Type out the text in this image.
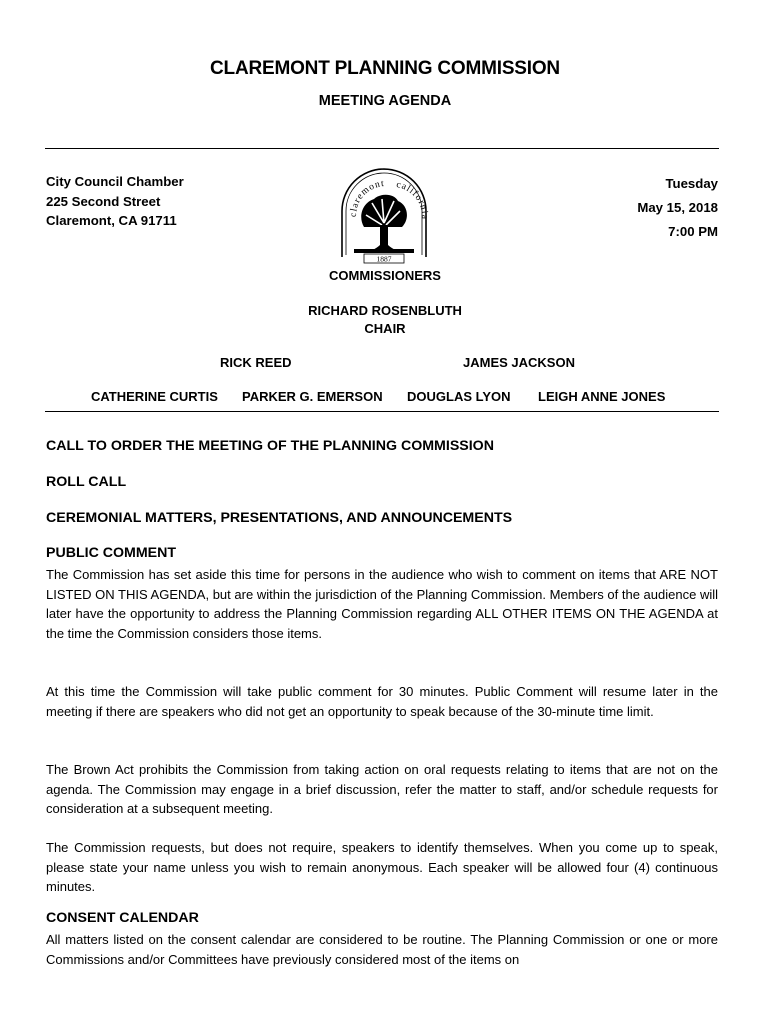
CLAREMONT PLANNING COMMISSION
MEETING AGENDA
City Council Chamber
225 Second Street
Claremont, CA 91711
Tuesday
May 15, 2018
7:00 PM
claremont california
1887
COMMISSIONERS
RICHARD ROSENBLUTH
CHAIR
RICK REED	JAMES JACKSON
CATHERINE CURTIS PARKER G. EMERSON DOUGLAS LYON LEIGH ANNE JONES
CALL TO ORDER THE MEETING OF THE PLANNING COMMISSION
ROLL CALL
CEREMONIAL MATTERS, PRESENTATIONS, AND ANNOUNCEMENTS
PUBLIC COMMENT
The Commission has set aside this time for persons in the audience who wish to comment on items that ARE NOT LISTED ON THIS AGENDA, but are within the jurisdiction of the Planning Commission. Members of the audience will later have the opportunity to address the Planning Commission regarding ALL OTHER ITEMS ON THE AGENDA at the time the Commission considers those items.
At this time the Commission will take public comment for 30 minutes. Public Comment will resume later in the meeting if there are speakers who did not get an opportunity to speak because of the 30-minute time limit.
The Brown Act prohibits the Commission from taking action on oral requests relating to items that are not on the agenda. The Commission may engage in a brief discussion, refer the matter to staff, and/or schedule requests for consideration at a subsequent meeting.
The Commission requests, but does not require, speakers to identify themselves. When you come up to speak, please state your name unless you wish to remain anonymous. Each speaker will be allowed four (4) continuous minutes.
CONSENT CALENDAR
All matters listed on the consent calendar are considered to be routine. The Planning Commission or one or more Commissions and/or Committees have previously considered most of the items on
